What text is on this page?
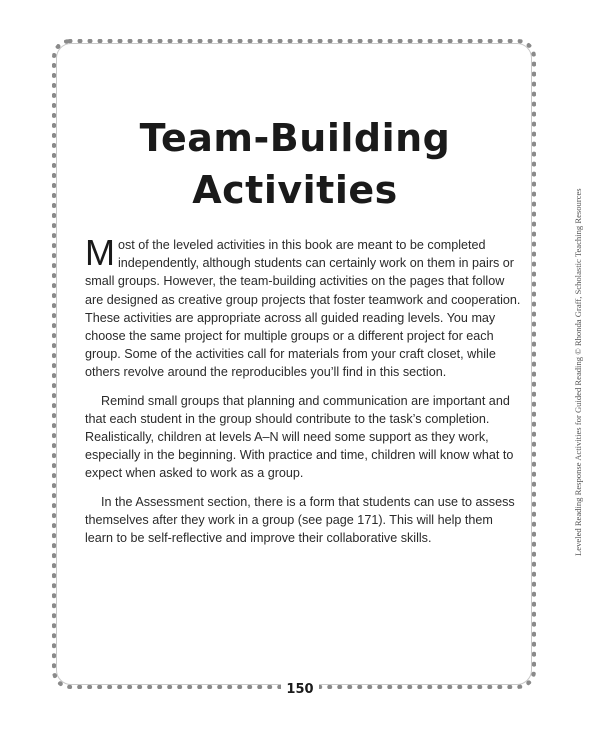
Team-Building
Activities

Most of the leveled activities in this book are meant to be completed independently, although students can certainly work on them in pairs or small groups. However, the team-building activities on the pages that follow are designed as creative group projects that foster teamwork and cooperation. These activities are appropriate across all guided reading levels. You may choose the same project for multiple groups or a different project for each group. Some of the activities call for materials from your craft closet, while others revolve around the reproducibles you’ll find in this section.

Remind small groups that planning and communication are important and that each student in the group should contribute to the task’s completion. Realistically, children at levels A–N will need some support as they work, especially in the beginning. With practice and time, children will know what to expect when asked to work as a group.

In the Assessment section, there is a form that students can use to assess themselves after they work in a group (see page 171). This will help them learn to be self-reflective and improve their collaborative skills.	Leveled Reading Response Activities for Guided Reading © Rhonda Graff, Scholastic Teaching Resources
150
